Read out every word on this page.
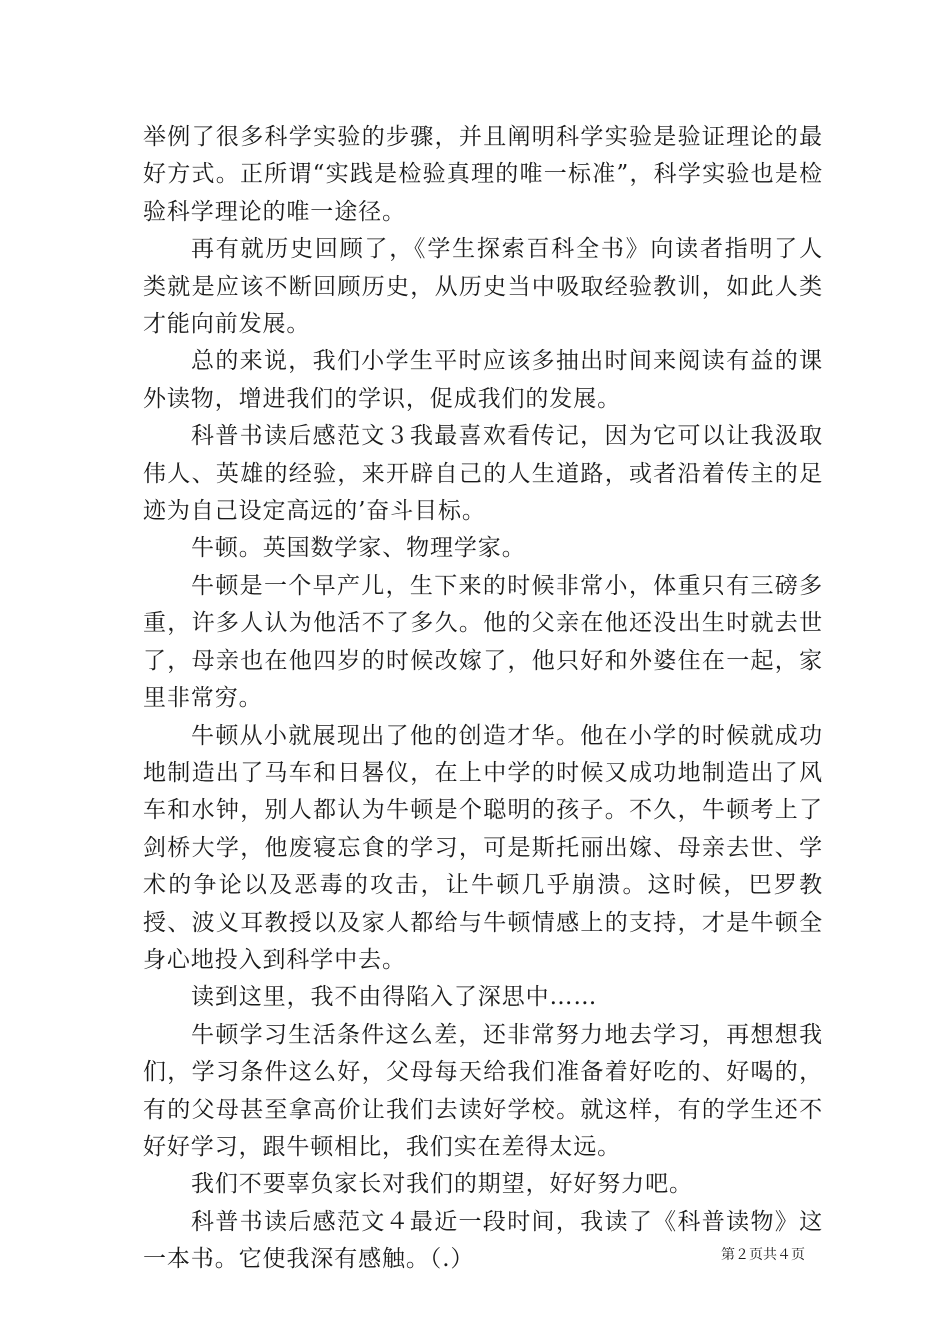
举例了很多科学实验的步骤，并且阐明科学实验是验证理论的最好方式。正所谓“实践是检验真理的唯一标准”，科学实验也是检验科学理论的唯一途径。

再有就历史回顾了，《学生探索百科全书》向读者指明了人类就是应该不断回顾历史，从历史当中吸取经验教训，如此人类才能向前发展。

总的来说，我们小学生平时应该多抽出时间来阅读有益的课外读物，增进我们的学识，促成我们的发展。

科普书读后感范文３我最喜欢看传记，因为它可以让我汲取伟人、英雄的经验，来开辟自己的人生道路，或者沿着传主的足迹为自己设定高远的’奋斗目标。

牛顿。英国数学家、物理学家。

牛顿是一个早产儿，生下来的时候非常小，体重只有三磅多重，许多人认为他活不了多久。他的父亲在他还没出生时就去世了，母亲也在他四岁的时候改嫁了，他只好和外婆住在一起，家里非常穷。

牛顿从小就展现出了他的创造才华。他在小学的时候就成功地制造出了马车和日晷仪，在上中学的时候又成功地制造出了风车和水钟，别人都认为牛顿是个聪明的孩子。不久，牛顿考上了剑桥大学，他废寝忘食的学习，可是斯托丽出嫁、母亲去世、学术的争论以及恶毒的攻击，让牛顿几乎崩溃。这时候，巴罗教授、波义耳教授以及家人都给与牛顿情感上的支持，才是牛顿全身心地投入到科学中去。

读到这里，我不由得陷入了深思中……

牛顿学习生活条件这么差，还非常努力地去学习，再想想我们，学习条件这么好，父母每天给我们准备着好吃的、好喝的，有的父母甚至拿高价让我们去读好学校。就这样，有的学生还不好好学习，跟牛顿相比，我们实在差得太远。

我们不要辜负家长对我们的期望，好好努力吧。

科普书读后感范文４最近一段时间，我读了《科普读物》这一本书。它使我深有感触。（.）	第２页共４页
